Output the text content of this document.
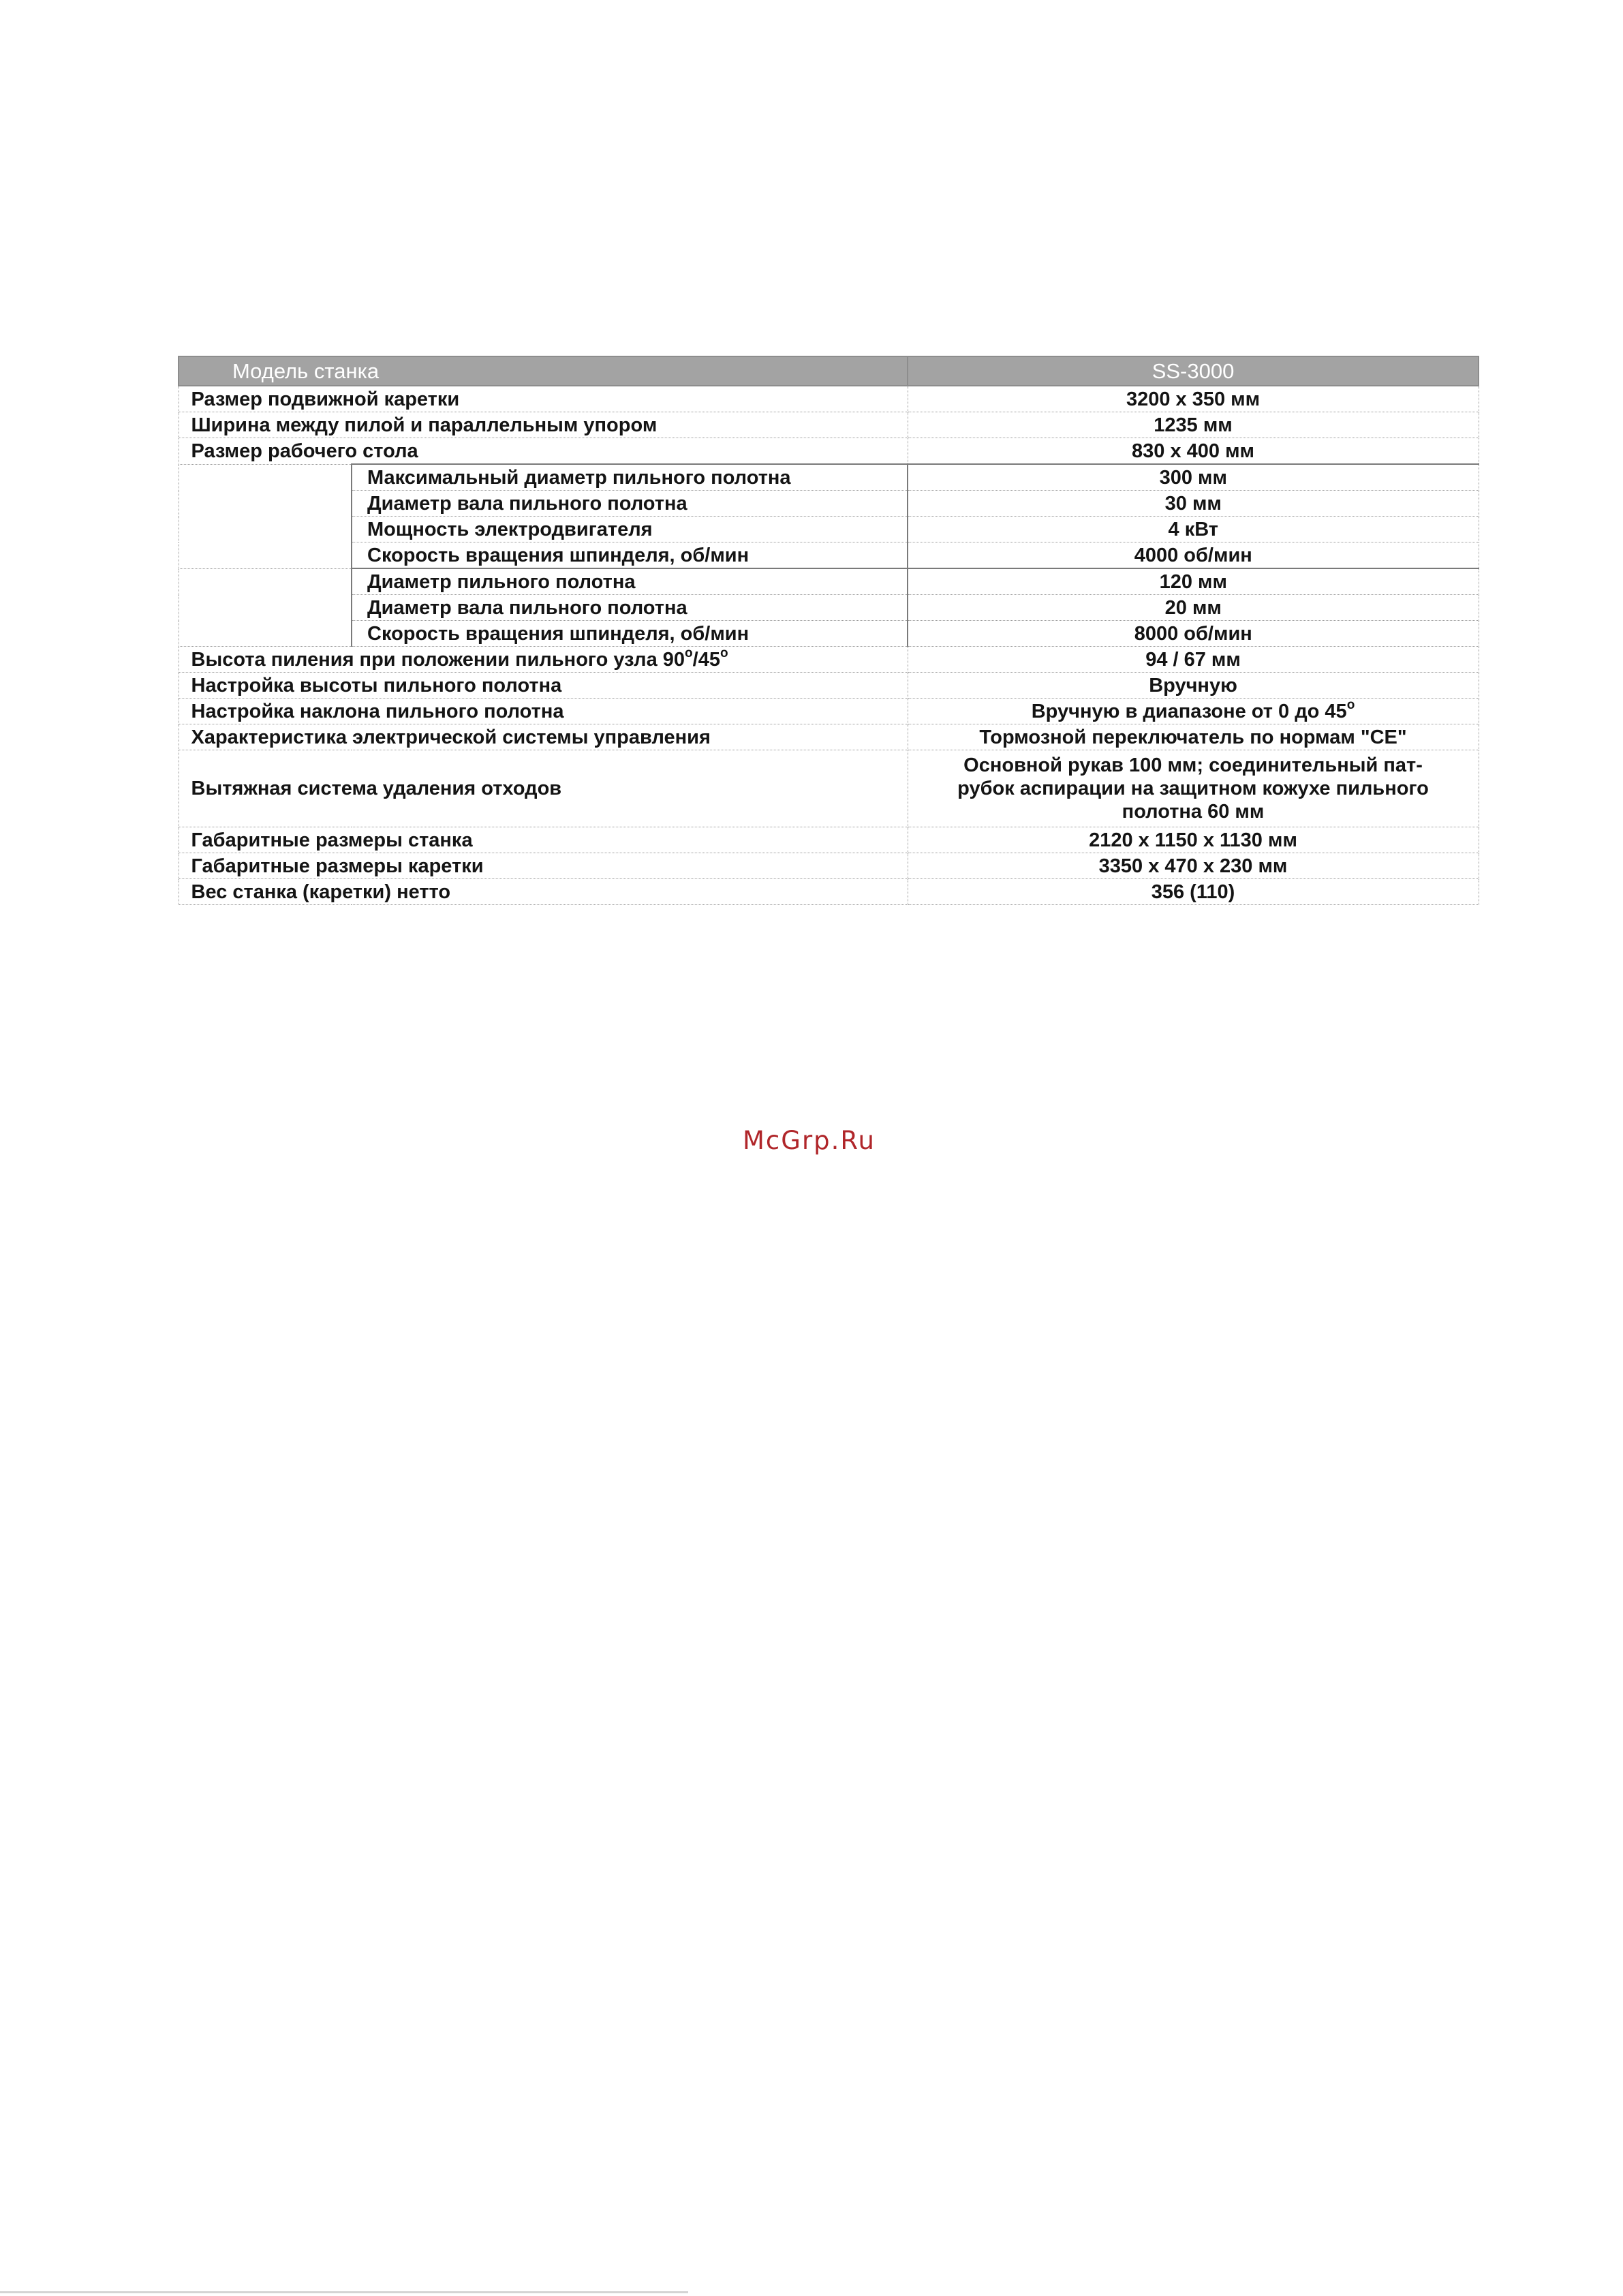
Модель станка		SS-3000
Размер подвижной каретки		3200 х 350 мм
Ширина между пилой и параллельным упором		1235 мм
Размер рабочего стола		830 х 400 мм
	Максимальный диаметр пильного полотна	300 мм
	Диаметр вала пильного полотна	30 мм
	Мощность электродвигателя	4 кВт
	Скорость вращения шпинделя, об/мин	4000 об/мин
	Диаметр пильного полотна	120 мм
	Диаметр вала пильного полотна	20 мм
	Скорость вращения шпинделя, об/мин	8000 об/мин
Высота пиления при положении пильного узла 90$^o$/45$^o$		94 / 67 мм
Настройка высоты пильного полотна		Вручную
Настройка наклона пильного полотна		Вручную в диапазоне от 0 до 45$^o$
Характеристика электрической системы управления		Тормозной переключатель по нормам "CE"
Вытяжная система удаления отходов		Основной рукав 100 мм; соединительный пат-
рубок аспирации на защитном кожухе пильного
полотна 60 мм
Габаритные размеры станка		2120 х 1150 х 1130 мм
Габаритные размеры каретки		3350 х 470 х 230 мм
Вес станка (каретки) нетто		356 (110)
McGrp.Ru
